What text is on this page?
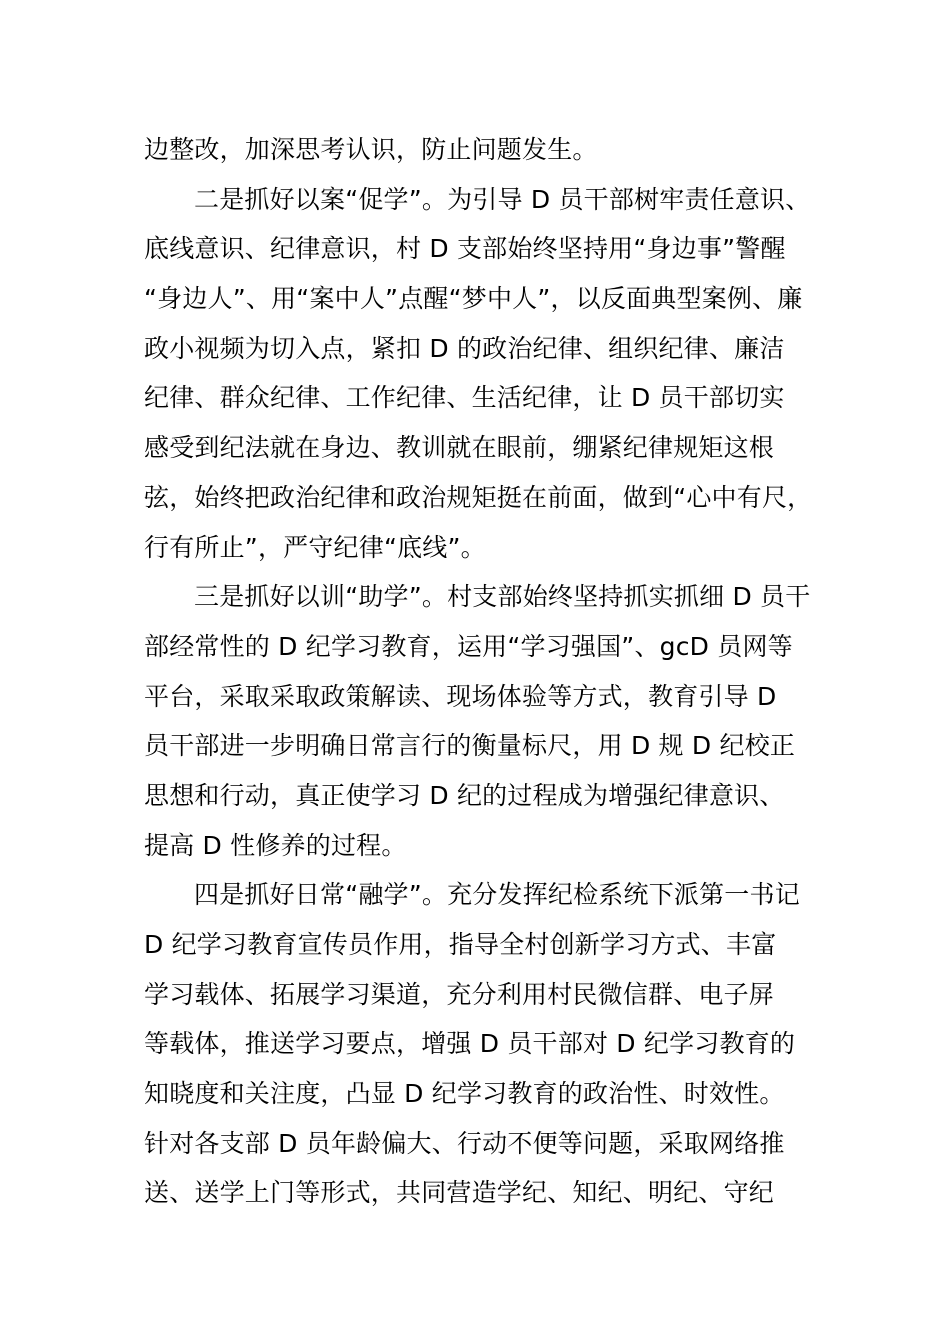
边整改，加深思考认识，防止问题发生。
二是抓好以案“促学”。为引导 D 员干部树牢责任意识、
底线意识、纪律意识，村 D 支部始终坚持用“身边事”警醒
“身边人”、用“案中人”点醒“梦中人”，以反面典型案例、廉
政小视频为切入点，紧扣 D 的政治纪律、组织纪律、廉洁
纪律、群众纪律、工作纪律、生活纪律，让 D 员干部切实
感受到纪法就在身边、教训就在眼前，绷紧纪律规矩这根
弦，始终把政治纪律和政治规矩挺在前面，做到“心中有尺，
行有所止”，严守纪律“底线”。
三是抓好以训“助学”。村支部始终坚持抓实抓细 D 员干
部经常性的 D 纪学习教育，运用“学习强国”、gcD 员网等
平台，采取采取政策解读、现场体验等方式，教育引导 D
员干部进一步明确日常言行的衡量标尺，用 D 规 D 纪校正
思想和行动，真正使学习 D 纪的过程成为增强纪律意识、
提高 D 性修养的过程。
四是抓好日常“融学”。充分发挥纪检系统下派第一书记
D 纪学习教育宣传员作用，指导全村创新学习方式、丰富
学习载体、拓展学习渠道，充分利用村民微信群、电子屏
等载体，推送学习要点，增强 D 员干部对 D 纪学习教育的
知晓度和关注度，凸显 D 纪学习教育的政治性、时效性。
针对各支部 D 员年龄偏大、行动不便等问题，采取网络推
送、送学上门等形式，共同营造学纪、知纪、明纪、守纪
